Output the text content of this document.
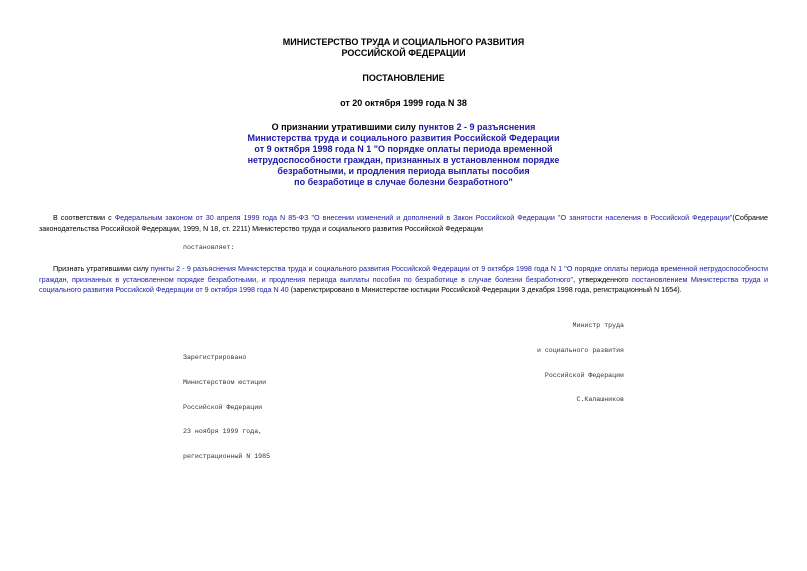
МИНИСТЕРСТВО ТРУДА И СОЦИАЛЬНОГО РАЗВИТИЯ
РОССИЙСКОЙ ФЕДЕРАЦИИ
ПОСТАНОВЛЕНИЕ
от 20 октября 1999 года N 38
О признании утратившими силу пунктов 2 - 9 разъяснения
Министерства труда и социального развития Российской Федерации
от 9 октября 1998 года N 1 "О порядке оплаты периода временной
нетрудоспособности граждан, признанных в установленном порядке
безработными, и продления периода выплаты пособия
по безработице в случае болезни безработного"
В соответствии с Федеральным законом от 30 апреля 1999 года N 85-ФЗ "О внесении изменений и дополнений в Закон Российской Федерации "О занятости населения в Российской Федерации"(Собрание законодательства Российской Федерации, 1999, N 18, ст. 2211) Министерство труда и социального развития Российской Федерации
постановляет:
Признать утратившими силу пункты 2 - 9 разъяснения Министерства труда и социального развития Российской Федерации от 9 октября 1998 года N 1 "О порядке оплаты периода временной нетрудоспособности граждан, признанных в установленном порядке безработными, и продления периода выплаты пособия по безработице в случае болезни безработного", утвержденного постановлением Министерства труда и социального развития Российской Федерации от 9 октября 1998 года N 40 (зарегистрировано в Министерстве юстиции Российской Федерации 3 декабря 1998 года, регистрационный N 1654).

Министр труда

и социального развития

Российской Федерации

С.Калашников

Зарегистрировано

Министерством юстиции

Российской Федерации

23 ноября 1999 года,

регистрационный N 1985
